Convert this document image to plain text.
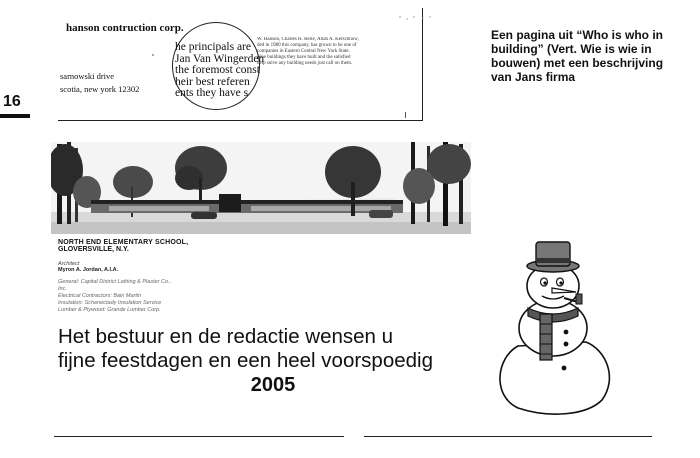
16
hanson contruction corp.
sarnowski drive
scotia, new york 12302
he principals are
Jan Van Wingerden
the foremost const
heir best referen
ents they have s
W. Hanson, Charles H. Reile, Allan A. Kerschnow,
ded in 1980 this company, has grown to be one of
companies in Eastern Central New York State.
Fine buildings they have built and the satisfied
help solve any building needs just call on them.
Een pagina uit “Who is who in building” (Vert. Wie is wie in bouwen) met een beschrijving van Jans firma
NORTH END ELEMENTARY SCHOOL,
GLOVERSVILLE, N.Y.
Architect
Myron A. Jordan, A.I.A.
General: Capital District Lathing & Plaster Co.,
Inc.
Electrical Contractors: Bain Martin
Insulation: Schenectady Insulation Service
Lumber & Plywood: Grande Lumber Corp.
Het bestuur en de redactie wensen u
fijne feestdagen en een heel voorspoedig
2005
